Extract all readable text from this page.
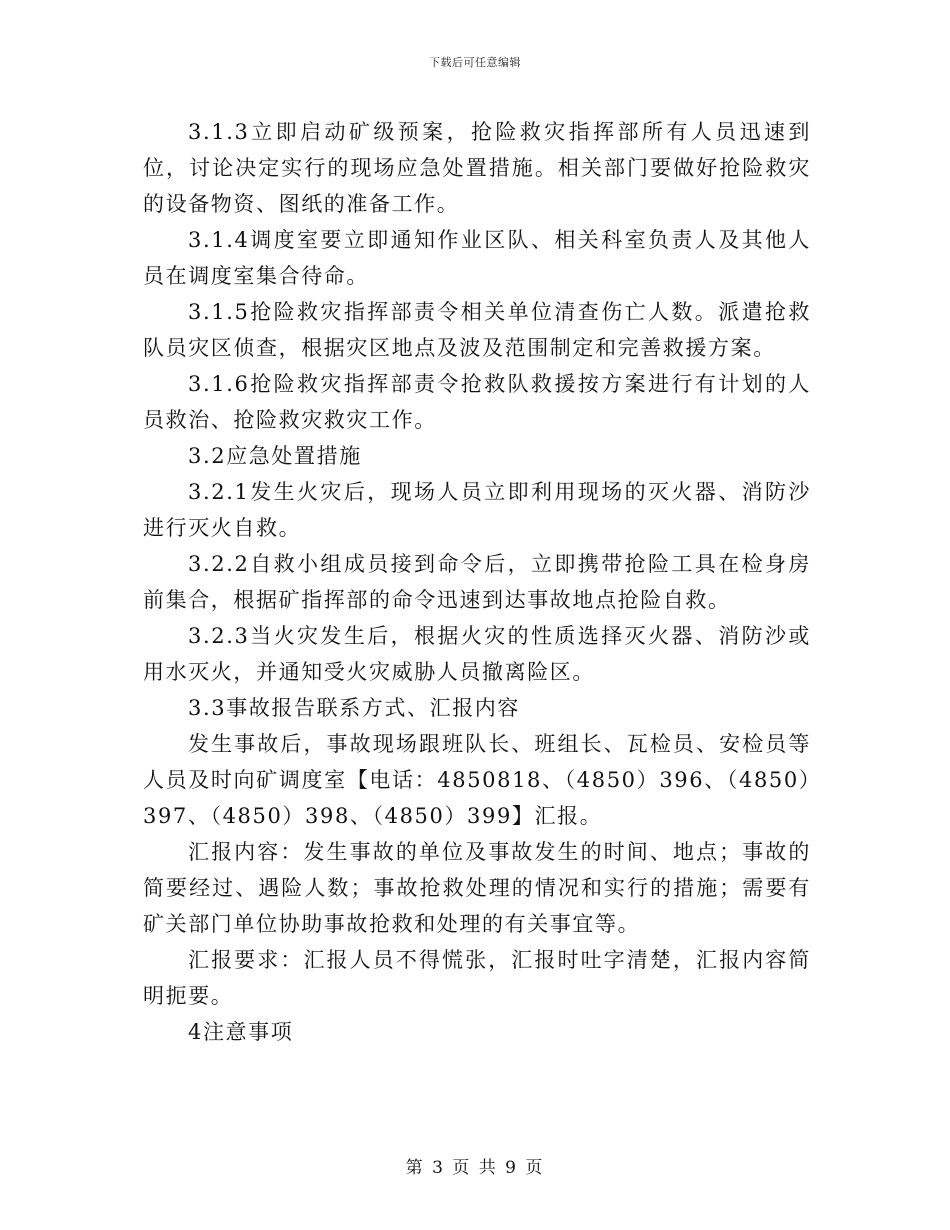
下载后可任意编辑

3.1.3立即启动矿级预案，抢险救灾指挥部所有人员迅速到位，讨论决定实行的现场应急处置措施。相关部门要做好抢险救灾的设备物资、图纸的准备工作。

3.1.4调度室要立即通知作业区队、相关科室负责人及其他人员在调度室集合待命。

3.1.5抢险救灾指挥部责令相关单位清查伤亡人数。派遣抢救队员灾区侦查，根据灾区地点及波及范围制定和完善救援方案。

3.1.6抢险救灾指挥部责令抢救队救援按方案进行有计划的人员救治、抢险救灾救灾工作。

3.2应急处置措施

3.2.1发生火灾后，现场人员立即利用现场的灭火器、消防沙进行灭火自救。

3.2.2自救小组成员接到命令后，立即携带抢险工具在检身房前集合，根据矿指挥部的命令迅速到达事故地点抢险自救。

3.2.3当火灾发生后，根据火灾的性质选择灭火器、消防沙或用水灭火，并通知受火灾威胁人员撤离险区。

3.3事故报告联系方式、汇报内容

发生事故后，事故现场跟班队长、班组长、瓦检员、安检员等人员及时向矿调度室【电话：4850818、（4850）396、（4850）397、（4850）398、（4850）399】汇报。

汇报内容：发生事故的单位及事故发生的时间、地点；事故的简要经过、遇险人数；事故抢救处理的情况和实行的措施；需要有矿关部门单位协助事故抢救和处理的有关事宜等。

汇报要求：汇报人员不得慌张，汇报时吐字清楚，汇报内容简明扼要。

4注意事项

第 3 页 共 9 页
